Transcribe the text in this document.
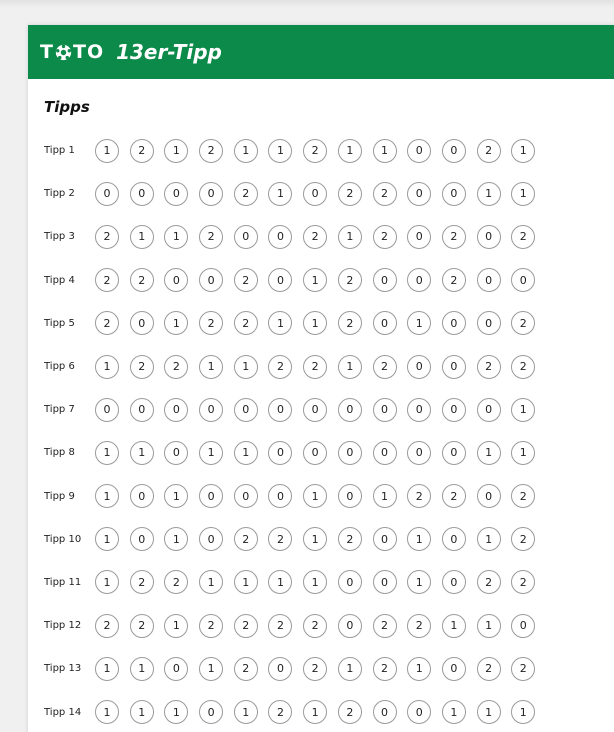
T T O 13er-Tipp
Tipps
Tipp 1	1	2	1	2	1	1	2	1	1	0	0	2	1
Tipp 2	0	0	0	0	2	1	0	2	2	0	0	1	1
Tipp 3	2	1	1	2	0	0	2	1	2	0	2	0	2
Tipp 4	2	2	0	0	2	0	1	2	0	0	2	0	0
Tipp 5	2	0	1	2	2	1	1	2	0	1	0	0	2
Tipp 6	1	2	2	1	1	2	2	1	2	0	0	2	2
Tipp 7	0	0	0	0	0	0	0	0	0	0	0	0	1
Tipp 8	1	1	0	1	1	0	0	0	0	0	0	1	1
Tipp 9	1	0	1	0	0	0	1	0	1	2	2	0	2
Tipp 10	1	0	1	0	2	2	1	2	0	1	0	1	2
Tipp 11	1	2	2	1	1	1	1	0	0	1	0	2	2
Tipp 12	2	2	1	2	2	2	2	0	2	2	1	1	0
Tipp 13	1	1	0	1	2	0	2	1	2	1	0	2	2
Tipp 14	1	1	1	0	1	2	1	2	0	0	1	1	1
